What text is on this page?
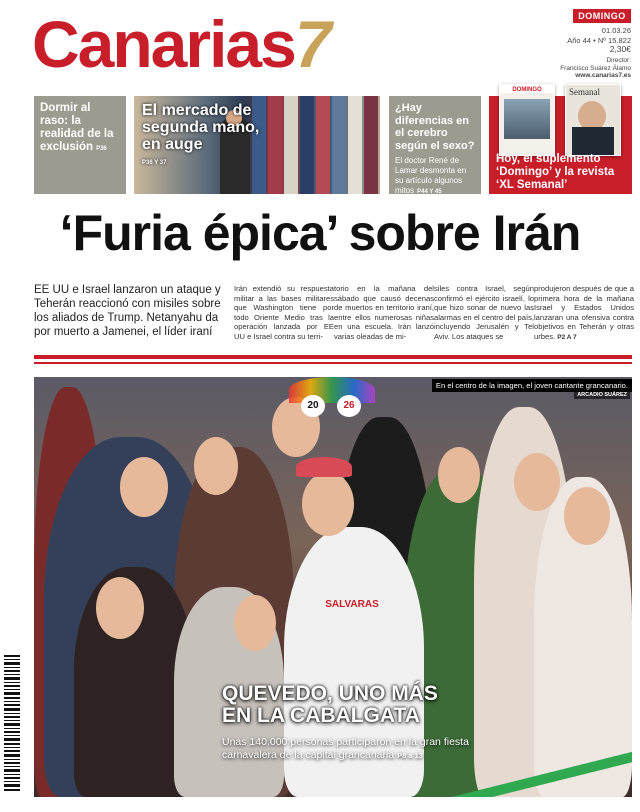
Canarias7	DOMINGO
01.03.26
Año 44 • Nº 15.822
2,30€
Director:
Francisco Suárez Álamo
www.canarias7.es
Dormir al raso: la realidad de la exclusión P36
El mercado de segunda mano, en auge
P36 Y 37
¿Hay diferencias en el cerebro según el sexo?
El doctor René de Lamar desmonta en su artículo algunos mitos P44 Y 45
DOMINGO	Semanal
Hoy, el suplemento ‘Domingo’ y la revista ‘XL Semanal’
‘Furia épica’ sobre Irán
EE UU e Israel lanzaron un ataque y Teherán reaccionó con misiles sobre los aliados de Trump. Netanyahu da por muerto a Jamenei, el líder iraní
Irán extendió su respuesta militar a las bases militares que Washington tiene por todo Oriente Medio tras la operación lanzada por EE UU e Israel contra su terri-
torio en la mañana del sábado que causó decenas de muertos en territorio iraní, entre ellos numerosas niñas en una escuela. Irán lanzó varias oleadas de mi-
siles contra Israel, según confirmó el ejército israelí, lo que hizo sonar de nuevo las alarmas en el centro del país, incluyendo Jerusalén y Tel Aviv. Los ataques se
produjeron después de que a primera hora de la mañana Israel y Estados Unidos lanzaran una ofensiva contra objetivos en Teherán y otras urbes. P2 A 7
SALVARAS
20	26
En el centro de la imagen, el joven cantante grancanario.
ARCADIO SUÁREZ
QUEVEDO, UNO MÁS
EN LA CABALGATA
Unas 140.000 personas participaron en la gran fiesta carnavalera de la capital grancanaria P8 a 13
